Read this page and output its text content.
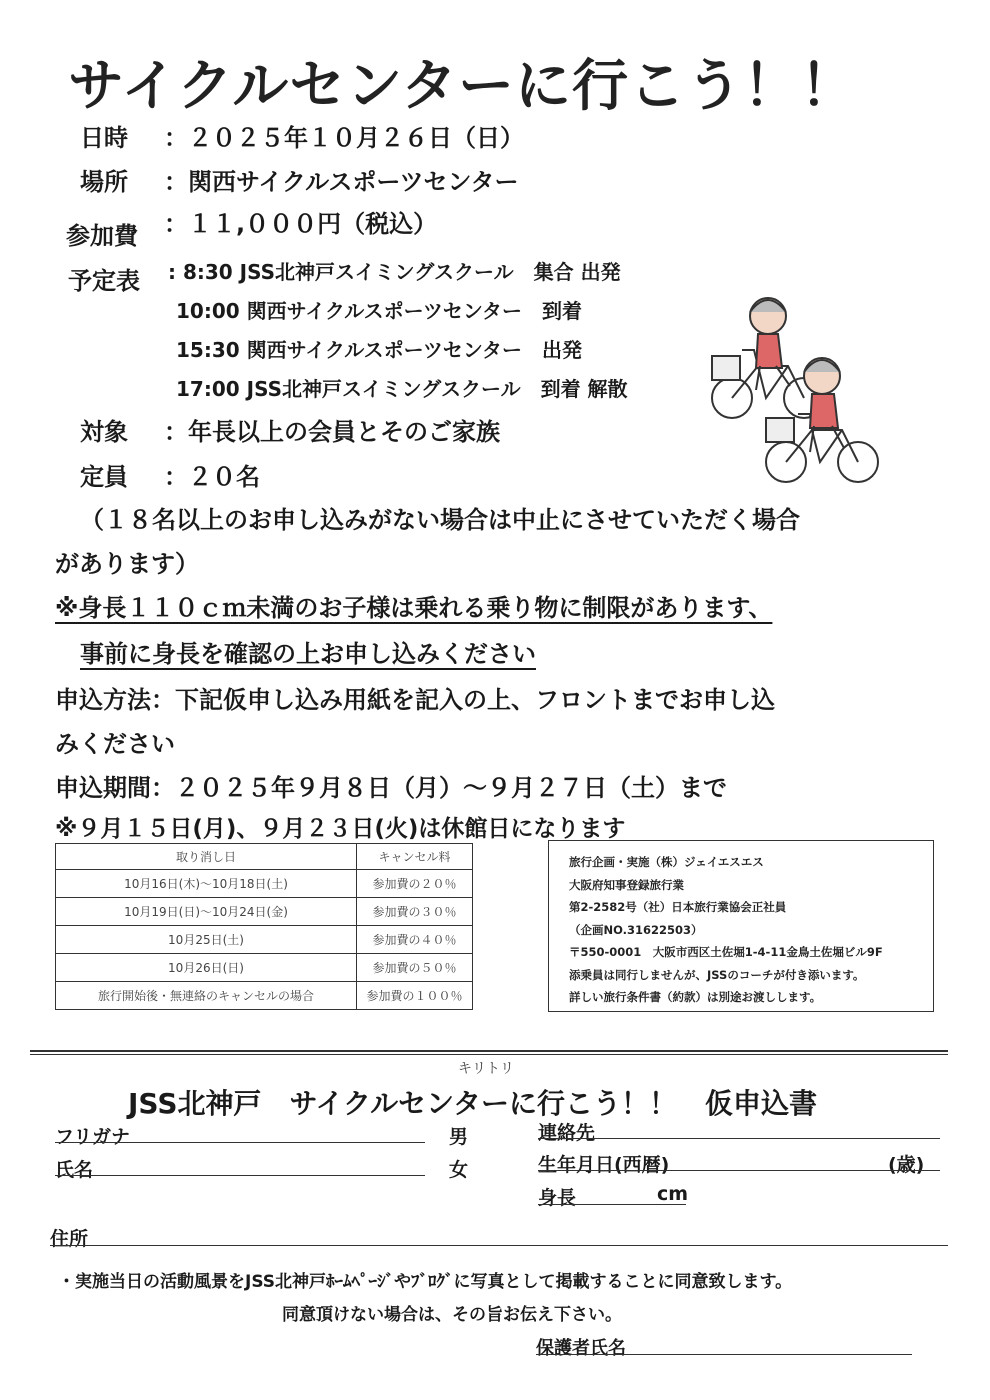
サイクルセンターに行こう！！
日時 ：２０２５年１０月２６日（日）
場所 ：関西サイクルスポーツセンター
参加費 ：１１,０００円（税込）
予定表 : 8:30 JSS北神戸スイミングスクール　集合 出発
10:00 関西サイクルスポーツセンター　到着
15:30 関西サイクルスポーツセンター　出発
17:00 JSS北神戸スイミングスクール　到着 解散
対象 ：年長以上の会員とそのご家族
定員 ：２０名
（１８名以上のお申し込みがない場合は中止にさせていただく場合
があります）
※身長１１０ｃｍ未満のお子様は乗れる乗り物に制限があります、
事前に身長を確認の上お申し込みください
申込方法：下記仮申し込み用紙を記入の上、フロントまでお申し込
みください
申込期間：２０２５年９月８日（月）～９月２７日（土）まで
※９月１５日(月)、９月２３日(火)は休館日になります
取り消し日	キャンセル料
10月16日(木)～10月18日(土)	参加費の２０％
10月19日(日)～10月24日(金)	参加費の３０％
10月25日(土)	参加費の４０％
10月26日(日)	参加費の５０％
旅行開始後・無連絡のキャンセルの場合	参加費の１００％
旅行企画・実施（株）ジェイエスエス
大阪府知事登録旅行業
第2-2582号（社）日本旅行業協会正社員
（企画NO.31622503）
〒550-0001　大阪市西区土佐堀1-4-11金鳥土佐堀ビル9F
添乗員は同行しませんが、JSSのコーチが付き添います。
詳しい旅行条件書（約款）は別途お渡しします。
キリトリ
JSS北神戸　サイクルセンターに行こう！！　仮申込書
フリガナ	男
氏名	女
連絡先
生年月日(西暦)	(歳)
身長	cm
住所
・実施当日の活動風景をJSS北神戸ﾎｰﾑﾍﾟｰｼﾞやﾌﾞﾛｸﾞに写真として掲載することに同意致します。
同意頂けない場合は、その旨お伝え下さい。
保護者氏名
